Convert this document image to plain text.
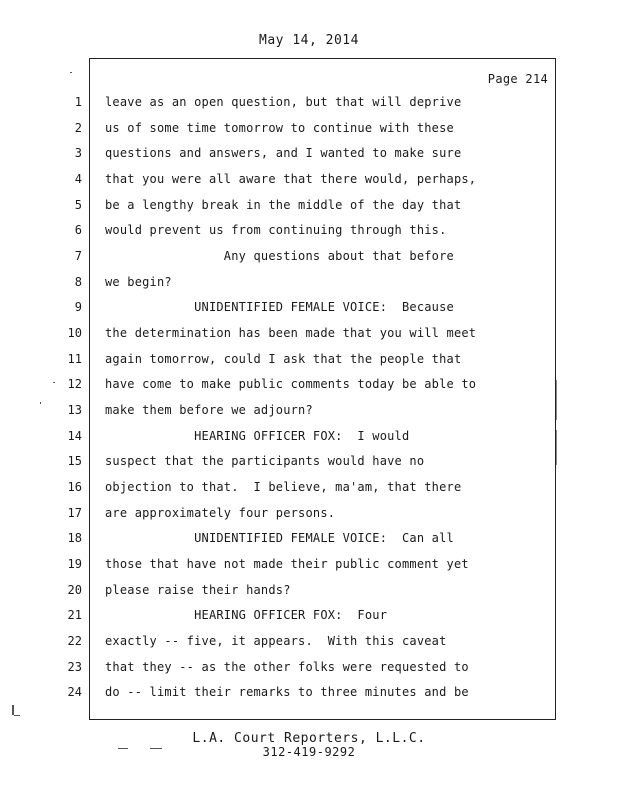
May 14, 2014
Page 214
1 leave as an open question, but that will deprive
2 us of some time tomorrow to continue with these
3 questions and answers, and I wanted to make sure
4 that you were all aware that there would, perhaps,
5 be a lengthy break in the middle of the day that
6 would prevent us from continuing through this.
7 Any questions about that before
8 we begin?
9 UNIDENTIFIED FEMALE VOICE:  Because
10 the determination has been made that you will meet
11 again tomorrow, could I ask that the people that
12 have come to make public comments today be able to
13 make them before we adjourn?
14 HEARING OFFICER FOX:  I would
15 suspect that the participants would have no
16 objection to that.  I believe, ma'am, that there
17 are approximately four persons.
18 UNIDENTIFIED FEMALE VOICE:  Can all
19 those that have not made their public comment yet
20 please raise their hands?
21 HEARING OFFICER FOX:  Four
22 exactly -- five, it appears.  With this caveat
23 that they -- as the other folks were requested to
24 do -- limit their remarks to three minutes and be
L.A. Court Reporters, L.L.C.
312-419-9292
